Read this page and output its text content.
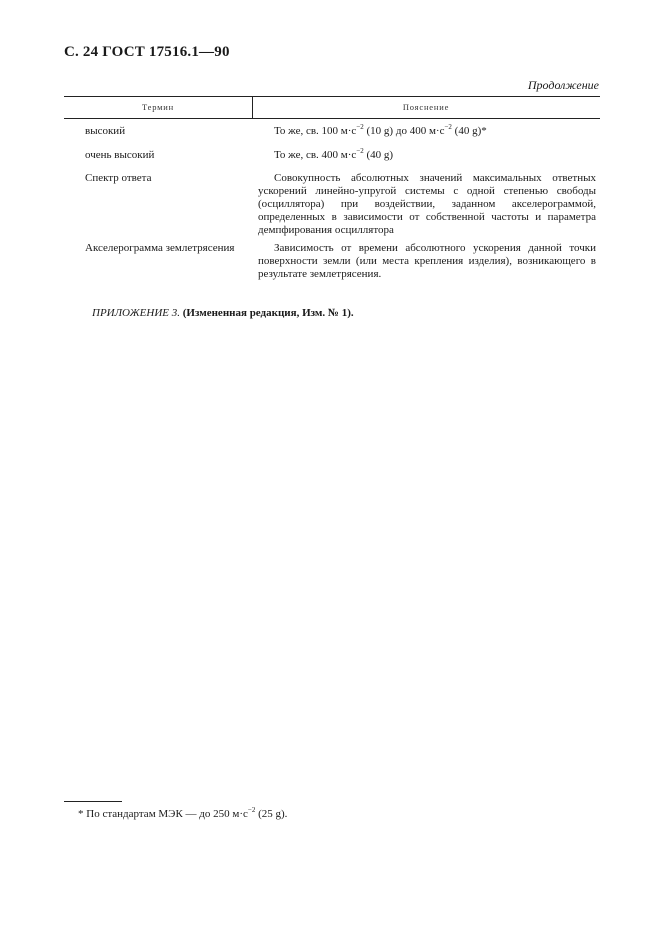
С. 24 ГОСТ 17516.1—90
Продолжение
Термин	Пояснение
высокий	То же, св. 100 $м\cdot с^{-2}$ (10 g) до 400 $м\cdot с^{-2}$ (40 g)*
очень высокий	То же, св. 400 $м\cdot с^{-2}$ (40 g)
Спектр ответа	Совокупность абсолютных значений максимальных ответных ускорений линейно-упругой системы с одной степенью свободы (осциллятора) при воздействии, заданном акселерограммой, определенных в зависимости от собственной частоты и параметра демпфирования осциллятора
Акселерограмма землетрясения	Зависимость от времени абсолютного ускорения данной точки поверхности земли (или места крепления изделия), возникающего в результате землетрясения.
ПРИЛОЖЕНИЕ 3. (Измененная редакция, Изм. № 1).
* По стандартам МЭК — до 250 $м\cdot с^{-2}$ (25 g).
